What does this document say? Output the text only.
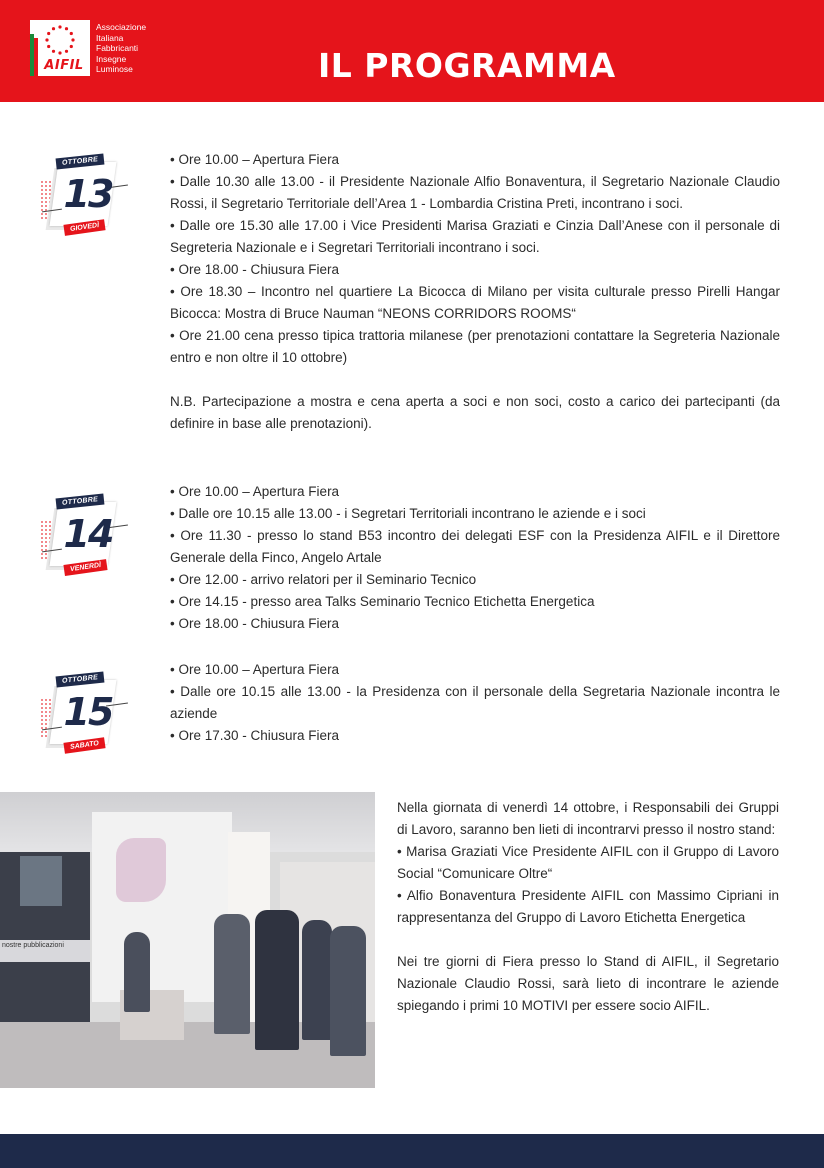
AIFIL
Associazione
Italiana
Fabbricanti
Insegne
Luminose	IL PROGRAMMA
OTTOBRE
13
GIOVEDÌ

• Ore 10.00 – Apertura Fiera

• Dalle 10.30 alle 13.00 - il Presidente Nazionale Alfio Bonaventura, il Segretario Nazionale Claudio Rossi, il Segretario Territoriale dell’Area 1 - Lombardia Cristina Preti, incontrano i soci.

• Dalle ore 15.30 alle 17.00 i Vice Presidenti Marisa Graziati e Cinzia Dall’Anese con il personale di Segreteria Nazionale e i Segretari Territoriali incontrano i soci.

• Ore 18.00 - Chiusura Fiera

• Ore 18.30 – Incontro nel quartiere La Bicocca di Milano per visita culturale presso Pirelli Hangar Bicocca: Mostra di Bruce Nauman “NEONS CORRIDORS ROOMS“

• Ore 21.00 cena presso tipica trattoria milanese (per prenotazioni contattare la Segreteria Nazionale entro e non oltre il 10 ottobre)

N.B. Partecipazione a mostra e cena aperta a soci e non soci, costo a carico dei partecipanti (da definire in base alle prenotazioni).

OTTOBRE
14
VENERDÌ

• Ore 10.00 – Apertura Fiera

• Dalle ore 10.15 alle 13.00 - i Segretari Territoriali incontrano le aziende e i soci

• Ore 11.30 - presso lo stand B53 incontro dei delegati ESF con la Presidenza AIFIL e il Direttore Generale della Finco, Angelo Artale

• Ore 12.00 - arrivo relatori per il Seminario Tecnico

• Ore 14.15 - presso area Talks Seminario Tecnico Etichetta Energetica

• Ore 18.00 - Chiusura Fiera

OTTOBRE
15
SABATO

• Ore 10.00 – Apertura Fiera

• Dalle ore 10.15 alle 13.00 - la Presidenza con il personale della Segretaria Nazionale incontra le aziende

• Ore 17.30 - Chiusura Fiera

nostre pubblicazioni

Nella giornata di venerdì 14 ottobre, i Responsabili dei Gruppi di Lavoro, saranno ben lieti di incontrarvi presso il nostro stand:

• Marisa Graziati Vice Presidente AIFIL con il Gruppo di Lavoro Social “Comunicare Oltre“

• Alfio Bonaventura Presidente AIFIL con Massimo Cipriani in rappresentanza del Gruppo di Lavoro Etichetta Energetica

Nei tre giorni di Fiera presso lo Stand di AIFIL, il Segretario Nazionale Claudio Rossi, sarà lieto di incontrare le aziende spiegando i primi 10 MOTIVI per essere socio AIFIL.
